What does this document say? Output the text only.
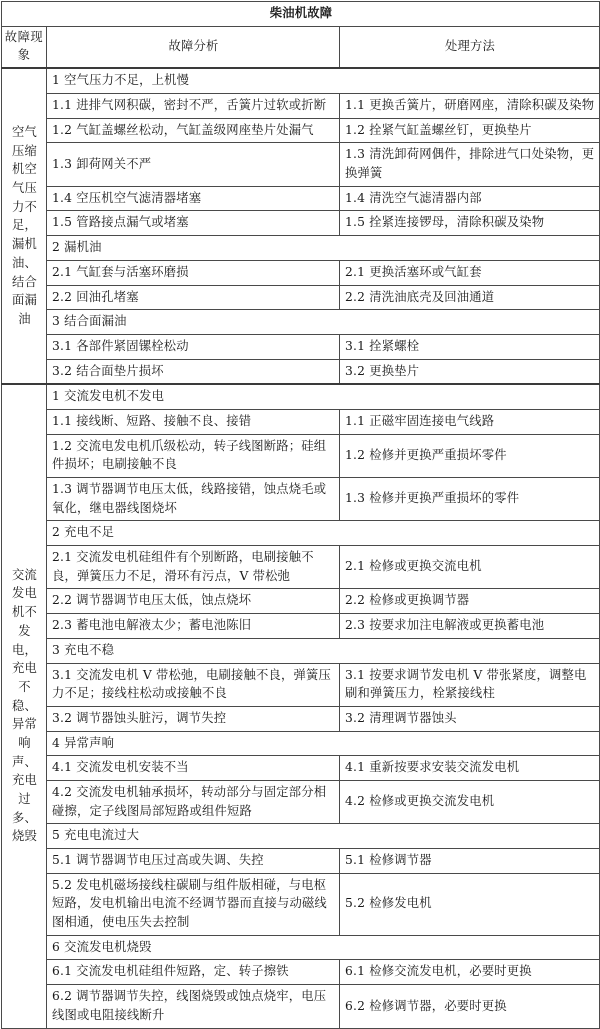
柴油机故障		
故障现象	故障分析	处理方法

空气压缩机空气压力不足，漏机油、结合面漏油	1 空气压力不足，上机慢	
	1.1 进排气网积碳，密封不严，舌簧片过软或折断	1.1 更换舌簧片，研磨网座，清除积碳及染物
	1.2 气缸盖螺丝松动，气缸盖级网座垫片处漏气	1.2 拴紧气缸盖螺丝钉，更换垫片
	1.3 卸荷网关不严	1.3 清洗卸荷网偶件，排除进气口处染物，更换弹簧
	1.4 空压机空气滤清器堵塞	1.4 清洗空气滤清器内部
	1.5 管路接点漏气或堵塞	1.5 拴紧连接锣母，清除积碳及染物
	2 漏机油	
	2.1 气缸套与活塞环磨损	2.1 更换活塞环或气缸套
	2.2 回油孔堵塞	2.2 清洗油底壳及回油通道
	3 结合面漏油	
	3.1 各部件紧固镙栓松动	3.1 拴紧螺栓
	3.2 结合面垫片损坏	3.2 更换垫片

交流发电机不发电，充电不稳、异常响声、充电过多、烧毁	1 交流发电机不发电	
	1.1 接线断、短路、接触不良、接错	1.1 正磁牢固连接电气线路
	1.2 交流电发电机爪级松动，转子线图断路；硅组件损坏；电刷接触不良	1.2 检修并更换严重损坏零件
	1.3 调节器调节电压太低，线路接错，蚀点烧毛或氧化，继电器线图烧坏	1.3 检修并更换严重损坏的零件
	2 充电不足	
	2.1 交流发电机硅组件有个别断路，电刷接触不良，弹簧压力不足，滑环有污点，V 带松弛	2.1 检修或更换交流电机
	2.2 调节器调节电压太低，蚀点烧坏	2.2 检修或更换调节器
	2.3 蓄电池电解液太少；蓄电池陈旧	2.3 按要求加注电解液或更换蓄电池
	3 充电不稳	
	3.1 交流发电机 V 带松弛，电刷接触不良，弹簧压力不足；接线柱松动或接触不良	3.1 按要求调节发电机 V 带张紧度，调整电刷和弹簧压力，栓紧接线柱
	3.2 调节器蚀头脏污，调节失控	3.2 清理调节器蚀头
	4 异常声响	
	4.1 交流发电机安装不当	4.1 重新按要求安装交流发电机
	4.2 交流发电机轴承损坏，转动部分与固定部分相碰擦，定子线图局部短路或组件短路	4.2 检修或更换交流发电机
	5 充电电流过大	
	5.1 调节器调节电压过高或失调、失控	5.1 检修调节器
	5.2 发电机磁场接线柱碳刷与组件版相碰，与电枢短路，发电机输出电流不经调节器而直接与动磁线图相通，使电压失去控制	5.2 检修发电机
	6 交流发电机烧毁	
	6.1 交流发电机硅组件短路，定、转子擦铁	6.1 检修交流发电机，必要时更换
	6.2 调节器调节失控，线图烧毁或蚀点烧牢，电压线图或电阻接线断升	6.2 检修调节器，必要时更换
